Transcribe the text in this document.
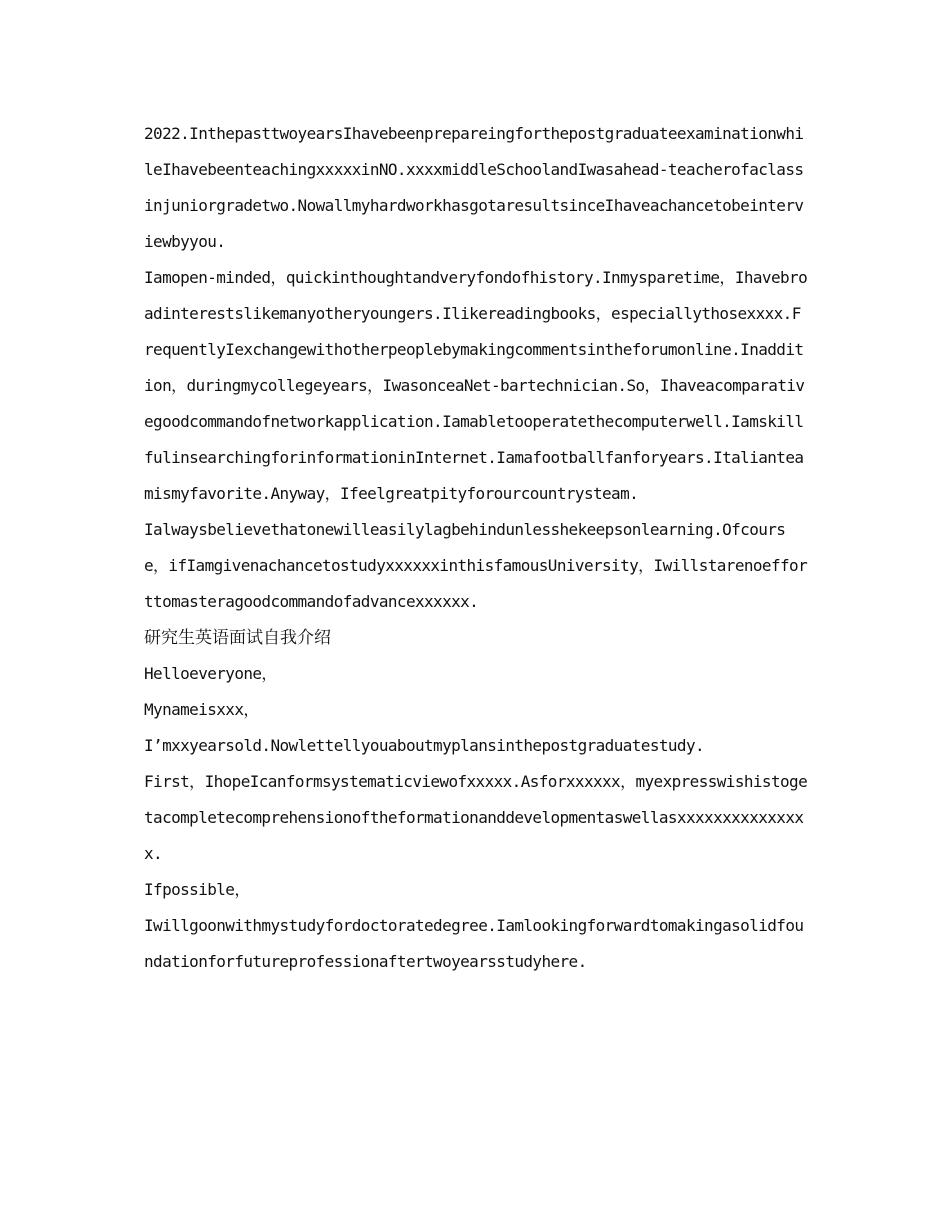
2022.InthepasttwoyearsIhavebeenprepareingforthepostgraduateexaminationwhileIhavebeenteachingxxxxxinNO.xxxxmiddleSchoolandIwasahead-teacherofaclassinjuniorgradetwo.NowallmyhardworkhasgotaresultsinceIhaveachancetobeinterviewbyyou.

Iamopen-minded，quickinthoughtandveryfondofhistory.Inmysparetime，Ihavebroadinterestslikemanyotheryoungers.Ilikereadingbooks，especiallythosexxxx.FrequentlyIexchangewithotherpeoplebymakingcommentsintheforumonline.Inaddition，duringmycollegeyears，IwasonceaNet-bartechnician.So，Ihaveacomparativegoodcommandofnetworkapplication.Iamabletooperatethecomputerwell.IamskillfulinsearchingforinformationinInternet.Iamafootballfanforyears.Italianteamismyfavorite.Anyway，Ifeelgreatpityforourcountrysteam.

Ialwaysbelievethatonewilleasilylagbehindunlesshekeepsonlearning.Ofcourse，ifIamgivenachancetostudyxxxxxxinthisfamousUniversity，Iwillstarenoefforttomasteragoodcommandofadvancexxxxxx.

研究生英语面试自我介绍

Helloeveryone，

Mynameisxxx，

I’mxxyearsold.Nowlettellyouaboutmyplansinthepostgraduatestudy.

First，IhopeIcanformsystematicviewofxxxxx.Asforxxxxxx，myexpresswishistogetacompletecomprehensionoftheformationanddevelopmentaswellasxxxxxxxxxxxxxxx.

Ifpossible，

Iwillgoonwithmystudyfordoctoratedegree.Iamlookingforwardtomakingasolidfoundationforfutureprofessionaftertwoyearsstudyhere.
